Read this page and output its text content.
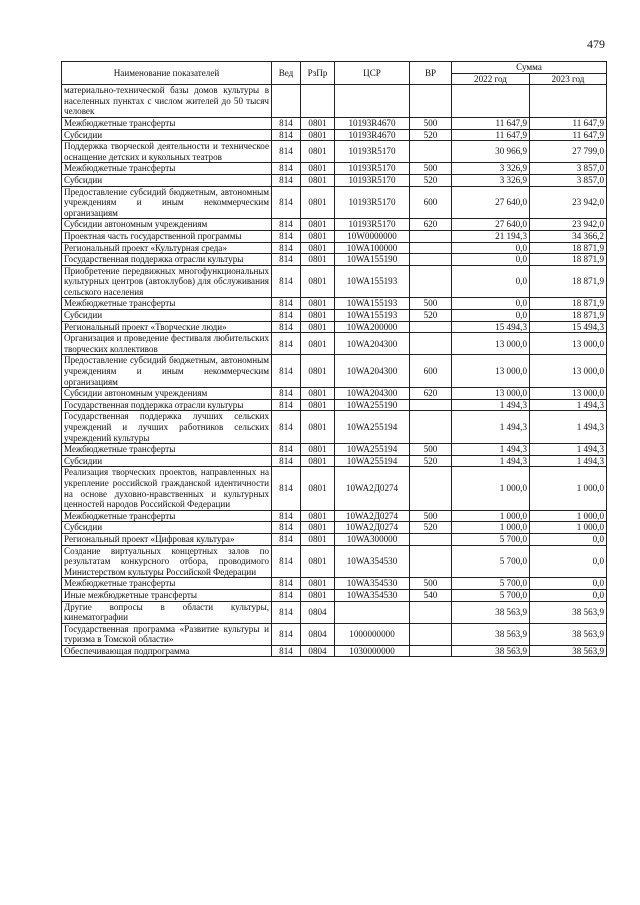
479
Наименование показателей	Вед	РзПр	ЦСР	ВР	Сумма	
					2022 год	2023 год
материально-технической базы домов культуры в населенных пунктах с числом жителей до 50 тысяч человек						
Межбюджетные трансферты	814	0801	10193R4670	500	11 647,9	11 647,9
Субсидии	814	0801	10193R4670	520	11 647,9	11 647,9
Поддержка творческой деятельности и техническое оснащение детских и кукольных театров	814	0801	10193R5170		30 966,9	27 799,0
Межбюджетные трансферты	814	0801	10193R5170	500	3 326,9	3 857,0
Субсидии	814	0801	10193R5170	520	3 326,9	3 857,0
Предоставление субсидий бюджетным, автономным учреждениям и иным некоммерческим организациям	814	0801	10193R5170	600	27 640,0	23 942,0
Субсидии автономным учреждениям	814	0801	10193R5170	620	27 640,0	23 942,0
Проектная часть государственной программы	814	0801	10W0000000		21 194,3	34 366,2
Региональный проект «Культурная среда»	814	0801	10WA100000		0,0	18 871,9
Государственная поддержка отрасли культуры	814	0801	10WA155190		0,0	18 871,9
Приобретение передвижных многофункциональных культурных центров (автоклубов) для обслуживания сельского населения	814	0801	10WA155193		0,0	18 871,9
Межбюджетные трансферты	814	0801	10WA155193	500	0,0	18 871,9
Субсидии	814	0801	10WA155193	520	0,0	18 871,9
Региональный проект «Творческие люди»	814	0801	10WA200000		15 494,3	15 494,3
Организация и проведение фестиваля любительских творческих коллективов	814	0801	10WA204300		13 000,0	13 000,0
Предоставление субсидий бюджетным, автономным учреждениям и иным некоммерческим организациям	814	0801	10WA204300	600	13 000,0	13 000,0
Субсидии автономным учреждениям	814	0801	10WA204300	620	13 000,0	13 000,0
Государственная поддержка отрасли культуры	814	0801	10WA255190		1 494,3	1 494,3
Государственная поддержка лучших сельских учреждений и лучших работников сельских учреждений культуры	814	0801	10WA255194		1 494,3	1 494,3
Межбюджетные трансферты	814	0801	10WA255194	500	1 494,3	1 494,3
Субсидии	814	0801	10WA255194	520	1 494,3	1 494,3
Реализация творческих проектов, направленных на укрепление российской гражданской идентичности на основе духовно-нравственных и культурных ценностей народов Российской Федерации	814	0801	10WA2Д0274		1 000,0	1 000,0
Межбюджетные трансферты	814	0801	10WA2Д0274	500	1 000,0	1 000,0
Субсидии	814	0801	10WA2Д0274	520	1 000,0	1 000,0
Региональный проект «Цифровая культура»	814	0801	10WA300000		5 700,0	0,0
Создание виртуальных концертных залов по результатам конкурсного отбора, проводимого Министерством культуры Российской Федерации	814	0801	10WA354530		5 700,0	0,0
Межбюджетные трансферты	814	0801	10WA354530	500	5 700,0	0,0
Иные межбюджетные трансферты	814	0801	10WA354530	540	5 700,0	0,0
Другие вопросы в области культуры, кинематографии	814	0804			38 563,9	38 563,9
Государственная программа «Развитие культуры и туризма в Томской области»	814	0804	1000000000		38 563,9	38 563,9
Обеспечивающая подпрограмма	814	0804	1030000000		38 563,9	38 563,9
